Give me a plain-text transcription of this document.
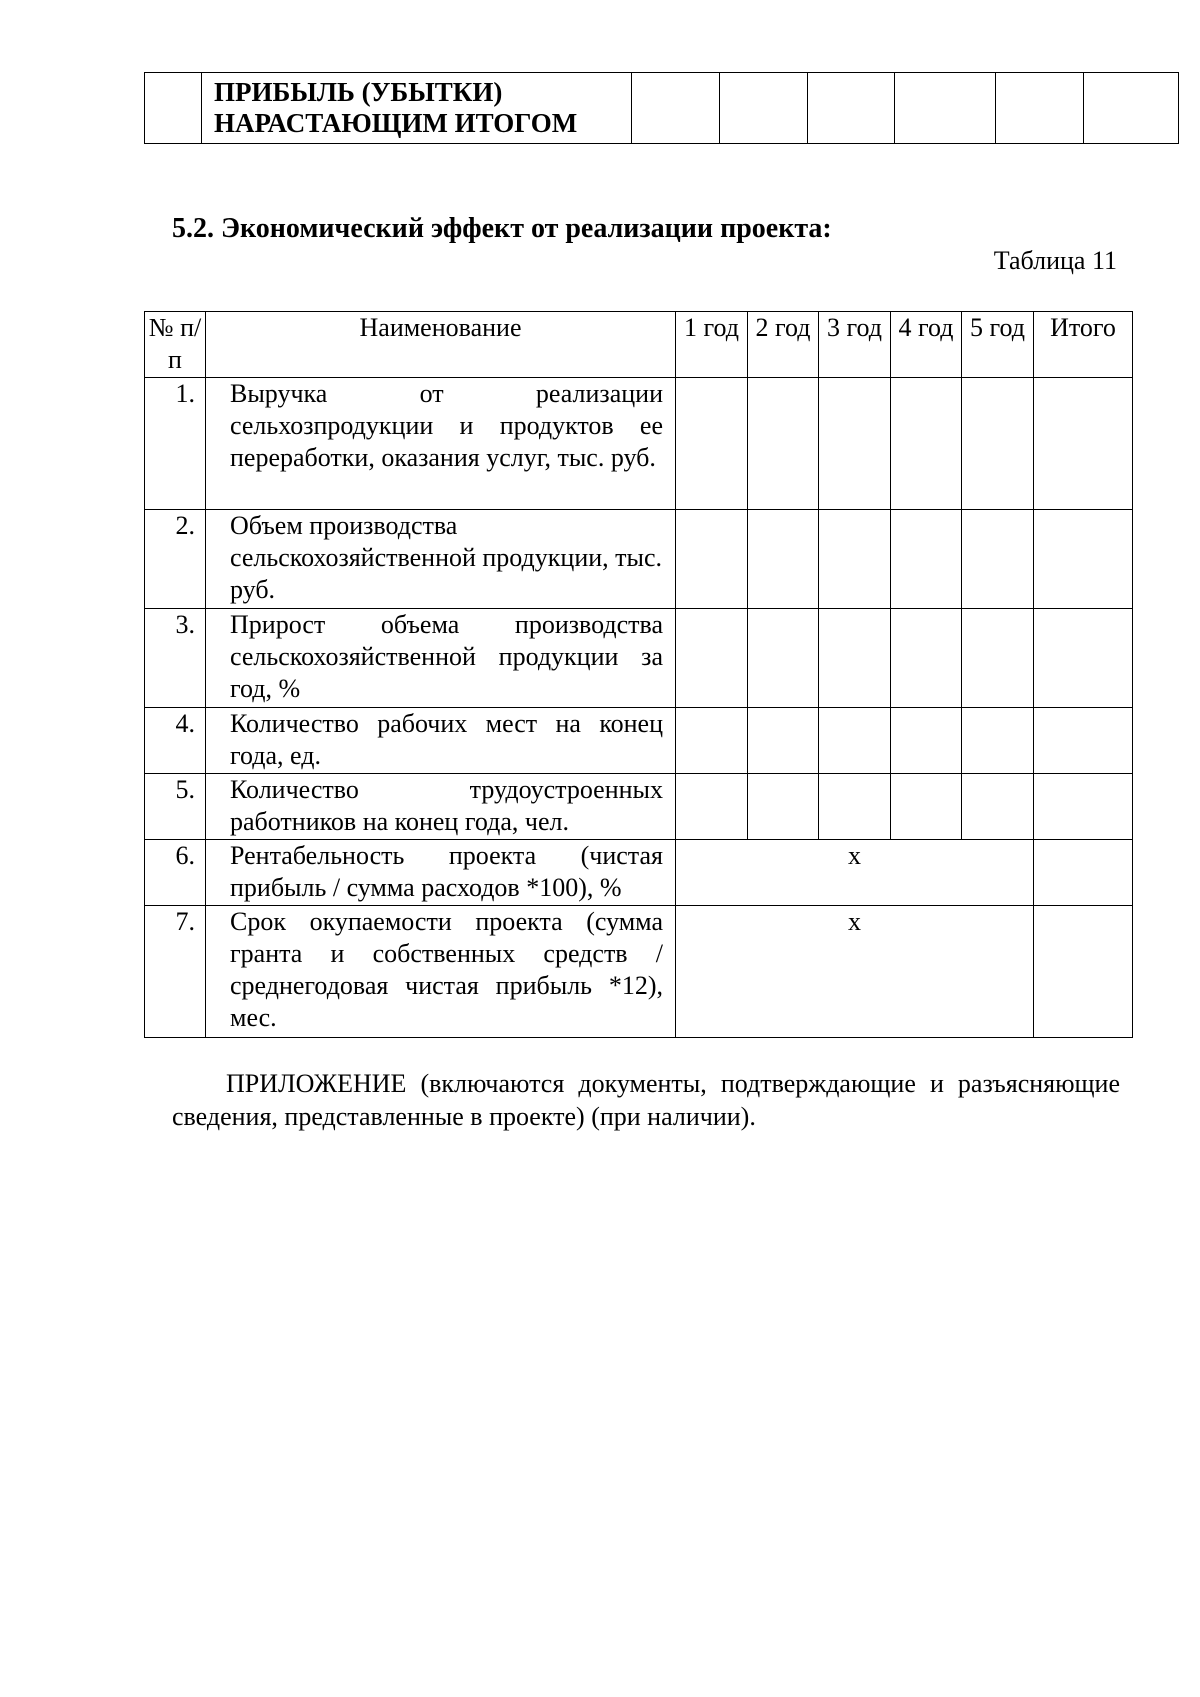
	ПРИБЫЛЬ (УБЫТКИ) НАРАСТАЮЩИМ ИТОГОМ						

5.2. Экономический эффект от реализации проекта:

Таблица 11

№ п/п	Наименование	1 год	2 год	3 год	4 год	5 год	Итого
1.	Выручка от реализации сельхозпродукции и продуктов ее переработки, оказания услуг, тыс. руб.						
2.	Объем производства сельскохозяйственной продукции, тыс. руб.						
3.	Прирост объема производства сельскохозяйственной продукции за год, %						
4.	Количество рабочих мест на конец года, ед.						
5.	Количество трудоустроенных работников на конец года, чел.						
6.	Рентабельность проекта (чистая прибыль / сумма расходов *100), %	x					
7.	Срок окупаемости проекта (сумма гранта и собственных средств / среднегодовая чистая прибыль *12), мес.	x					

ПРИЛОЖЕНИЕ (включаются документы, подтверждающие и разъясняющие сведения, представленные в проекте) (при наличии).
